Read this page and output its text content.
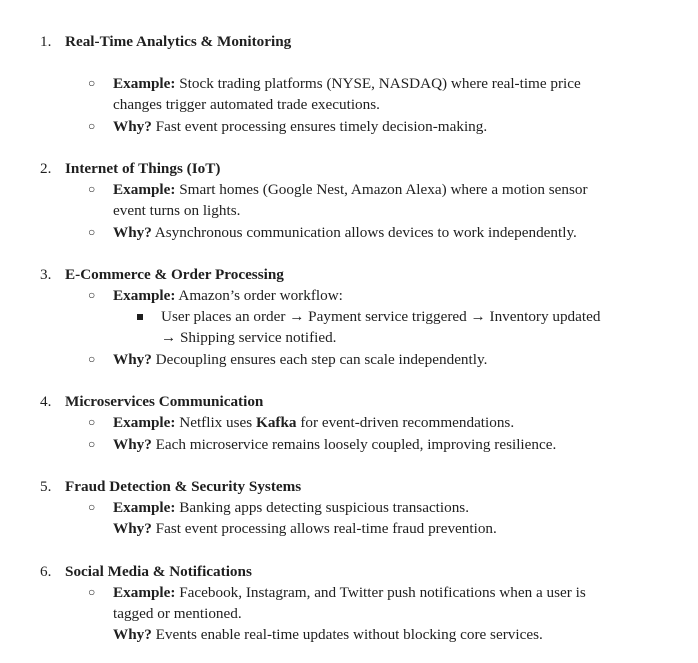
1. Real-Time Analytics & Monitoring
○ Example: Stock trading platforms (NYSE, NASDAQ) where real-time price
changes trigger automated trade executions.
○ Why? Fast event processing ensures timely decision-making.
2. Internet of Things (IoT)
○ Example: Smart homes (Google Nest, Amazon Alexa) where a motion sensor
event turns on lights.
○ Why? Asynchronous communication allows devices to work independently.
3. E-Commerce & Order Processing
○ Example: Amazon’s order workflow:
User places an order → Payment service triggered → Inventory updated
→ Shipping service notified.
○ Why? Decoupling ensures each step can scale independently.
4. Microservices Communication
○ Example: Netflix uses Kafka for event-driven recommendations.
○ Why? Each microservice remains loosely coupled, improving resilience.
5. Fraud Detection & Security Systems
○ Example: Banking apps detecting suspicious transactions.
Why? Fast event processing allows real-time fraud prevention.
6. Social Media & Notifications
○ Example: Facebook, Instagram, and Twitter push notifications when a user is
tagged or mentioned.
Why? Events enable real-time updates without blocking core services.
